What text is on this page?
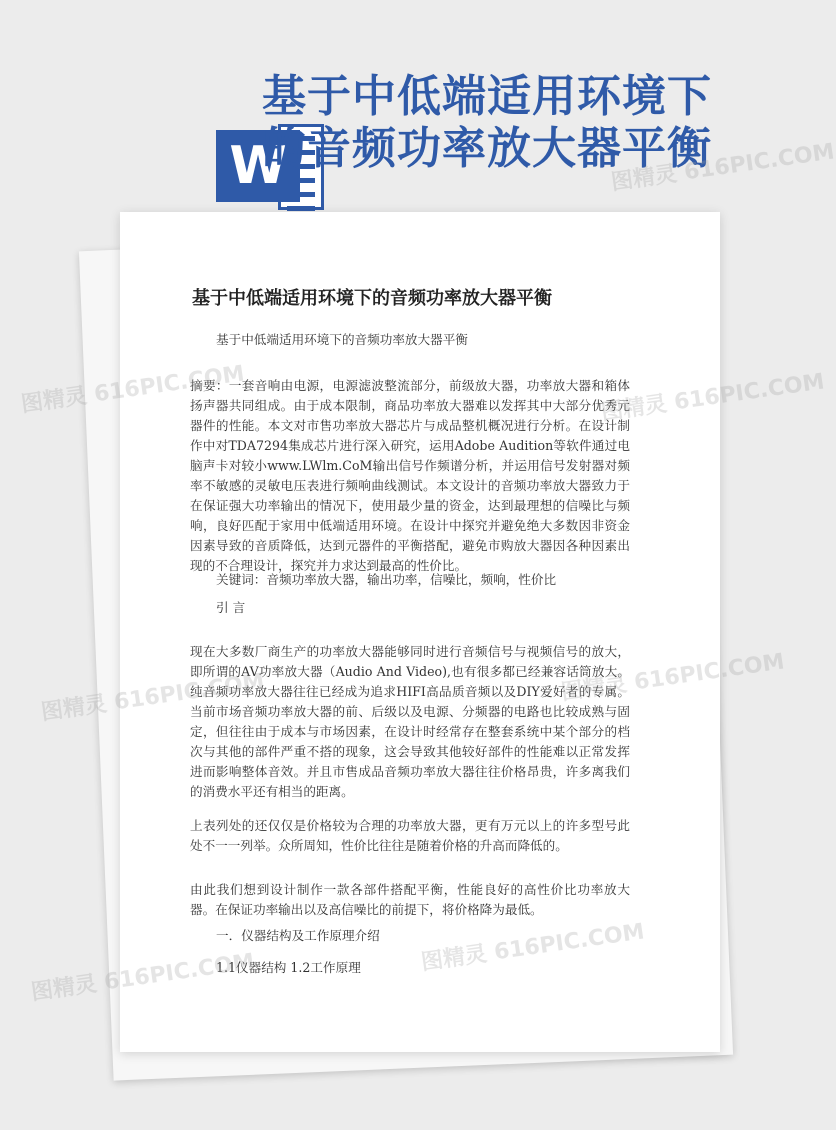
W
基于中低端适用环境下
的音频功率放大器平衡
基于中低端适用环境下的音频功率放大器平衡

基于中低端适用环境下的音频功率放大器平衡

摘要：一套音响由电源，电源滤波整流部分，前级放大器，功率放大器和箱体扬声器共同组成。由于成本限制，商品功率放大器难以发挥其中大部分优秀元器件的性能。本文对市售功率放大器芯片与成品整机概况进行分析。在设计制作中对TDA7294集成芯片进行深入研究，运用Adobe Audition等软件通过电脑声卡对较小www.LWlm.CoM输出信号作频谱分析，并运用信号发射器对频率不敏感的灵敏电压表进行频响曲线测试。本文设计的音频功率放大器致力于在保证强大功率输出的情况下，使用最少量的资金，达到最理想的信噪比与频响，良好匹配于家用中低端适用环境。在设计中探究并避免绝大多数因非资金因素导致的音质降低，达到元器件的平衡搭配，避免市购放大器因各种因素出现的不合理设计，探究并力求达到最高的性价比。

关键词：音频功率放大器，输出功率，信噪比，频响，性价比

引 言

现在大多数厂商生产的功率放大器能够同时进行音频信号与视频信号的放大，即所谓的AV功率放大器（Audio And Video),也有很多都已经兼容话筒放大。纯音频功率放大器往往已经成为追求HIFI高品质音频以及DIY爱好者的专属。当前市场音频功率放大器的前、后级以及电源、分频器的电路也比较成熟与固定，但往往由于成本与市场因素，在设计时经常存在整套系统中某个部分的档次与其他的部件严重不搭的现象，这会导致其他较好部件的性能难以正常发挥进而影响整体音效。并且市售成品音频功率放大器往往价格昂贵，许多离我们的消费水平还有相当的距离。

上表列处的还仅仅是价格较为合理的功率放大器，更有万元以上的许多型号此处不一一列举。众所周知，性价比往往是随着价格的升高而降低的。

由此我们想到设计制作一款各部件搭配平衡，性能良好的高性价比功率放大器。在保证功率输出以及高信噪比的前提下，将价格降为最低。

一．仪器结构及工作原理介绍

1.1仪器结构 1.2工作原理

图精灵 616PIC.COM
图精灵 616PIC.COM	图精灵 616PIC.COM
图精灵 616PIC.COM	图精灵 616PIC.COM
图精灵 616PIC.COM
图精灵 616PIC.COM
